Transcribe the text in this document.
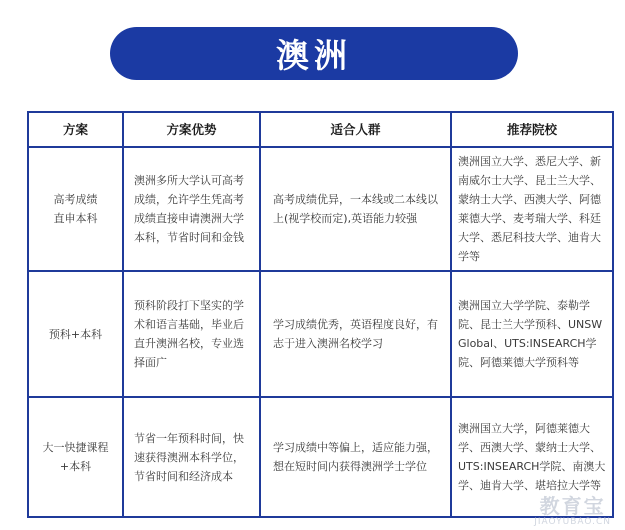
澳洲
方案	方案优势	适合人群	推荐院校

高考成绩
直申本科	澳洲多所大学认可高考成绩，允许学生凭高考成绩直接申请澳洲大学本科，节省时间和金钱	高考成绩优异，一本线或二本线以上(视学校而定),英语能力较强	澳洲国立大学、悉尼大学、新南威尔士大学、昆士兰大学、蒙纳士大学、西澳大学、阿德莱德大学、麦考瑞大学、科廷大学、悉尼科技大学、迪肯大学等

预科+本科	预科阶段打下坚实的学术和语言基础，毕业后直升澳洲名校，专业选择面广	学习成绩优秀，英语程度良好，有志于进入澳洲名校学习	澳洲国立大学学院、泰勒学院、昆士兰大学预科、UNSW Global、UTS:INSEARCH学院、阿德莱德大学预科等

大一快捷课程
+本科	节省一年预科时间，快速获得澳洲本科学位，节省时间和经济成本	学习成绩中等偏上，适应能力强，想在短时间内获得澳洲学士学位	澳洲国立大学，阿德莱德大学、西澳大学、蒙纳士大学、UTS:INSEARCH学院、南澳大学、迪肯大学、堪培拉大学等
教育宝
JIAOYUBAO.CN
